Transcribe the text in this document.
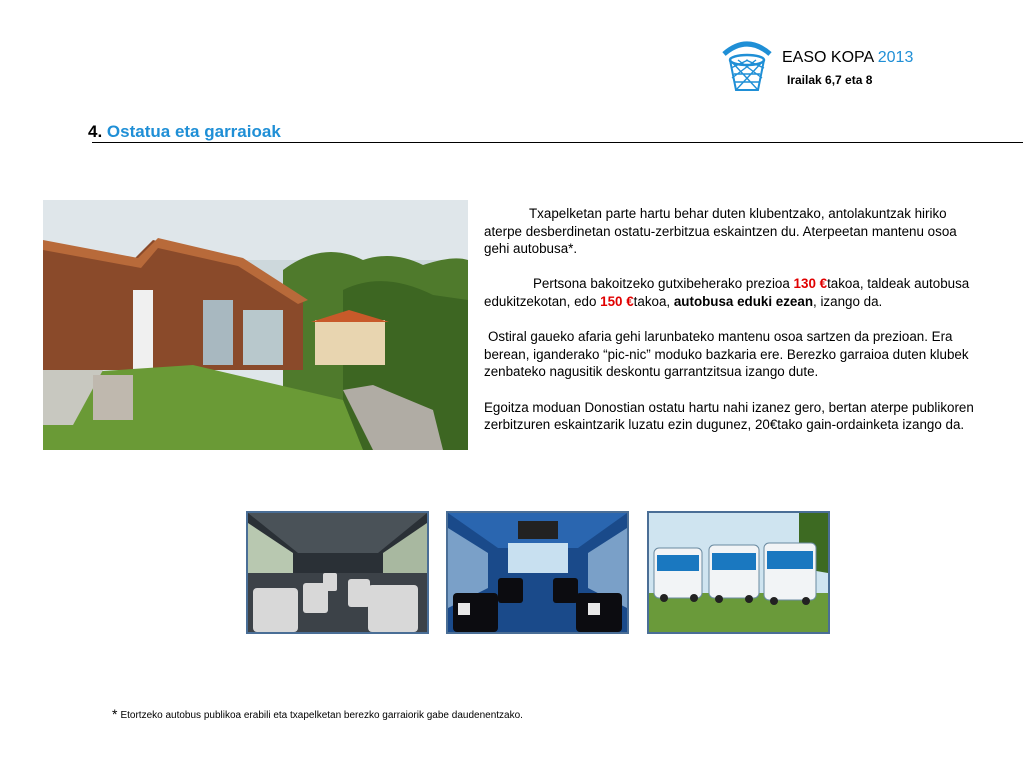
EASO KOPA 2013
Irailak 6,7 eta 8
4. Ostatua eta garraioak

Txapelketan parte hartu behar duten klubentzako, antolakuntzak hiriko aterpe desberdinetan ostatu-zerbitzua eskaintzen du. Aterpeetan mantenu osoa gehi autobusa*.

Pertsona bakoitzeko gutxibeherako prezioa 130 €takoa, taldeak autobusa edukitzekotan, edo 150 €takoa, autobusa eduki ezean, izango da.

Ostiral gaueko afaria gehi larunbateko mantenu osoa sartzen da prezioan. Era berean, iganderako “pic-nic” moduko bazkaria ere. Berezko garraioa duten klubek zenbateko nagusitik deskontu garrantzitsua izango dute.

Egoitza moduan Donostian ostatu hartu nahi izanez gero, bertan aterpe publikoren zerbitzuren eskaintzarik luzatu ezin dugunez, 20€tako gain-ordainketa izango da.

* Etortzeko autobus publikoa erabili eta txapelketan berezko garraiorik gabe daudenentzako.
